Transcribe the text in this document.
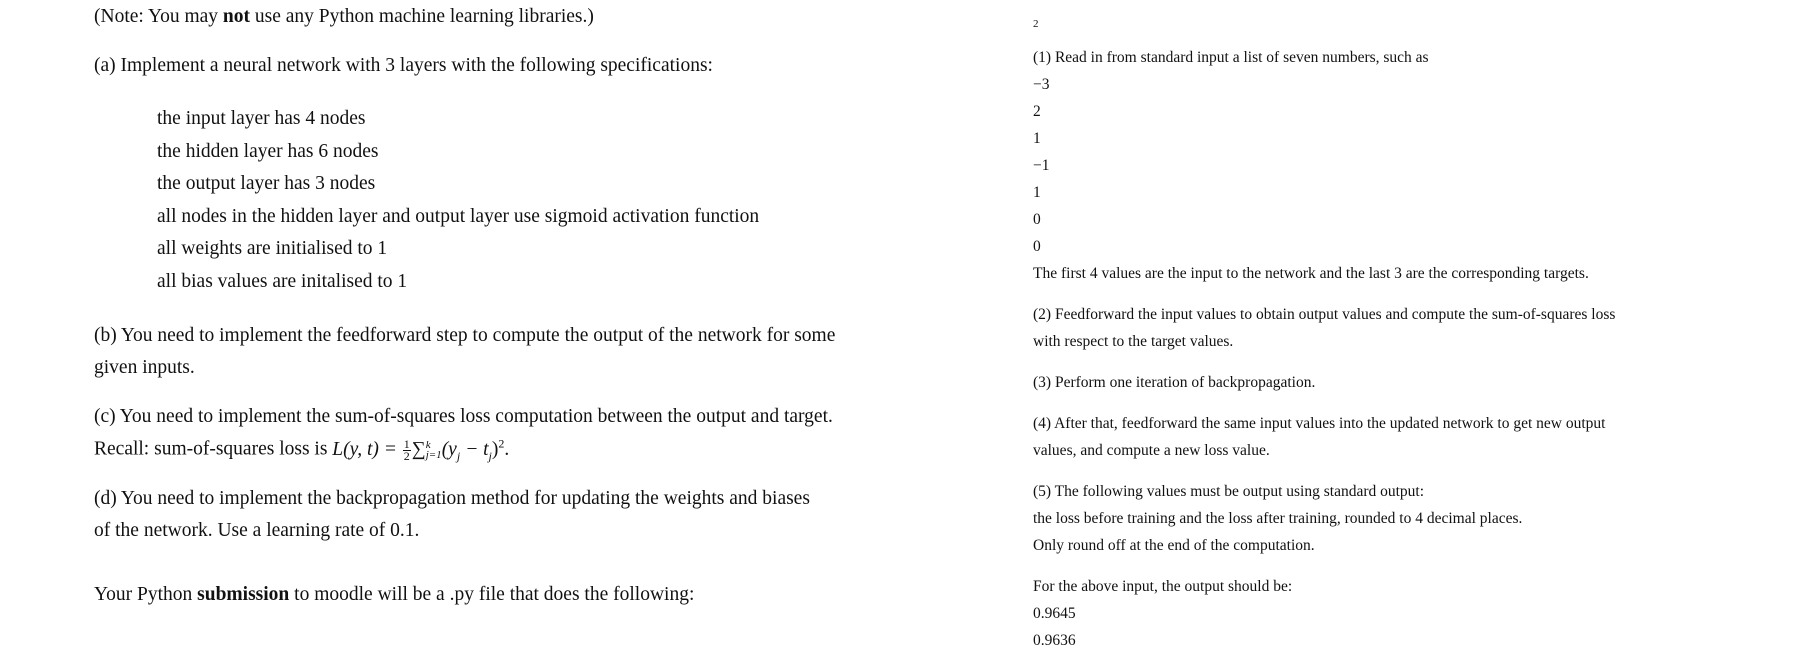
(Note: You may not use any Python machine learning libraries.)

(a) Implement a neural network with 3 layers with the following specifications:

the input layer has 4 nodes

the hidden layer has 6 nodes

the output layer has 3 nodes

all nodes in the hidden layer and output layer use sigmoid activation function

all weights are initialised to 1

all bias values are initalised to 1

(b) You need to implement the feedforward step to compute the output of the network for some

given inputs.

(c) You need to implement the sum-of-squares loss computation between the output and target.

Recall: sum-of-squares loss is L(y, $t) = \frac{1}{2}$ ∑ k
j=1 $(y_j - t_j)^2$.

(d) You need to implement the backpropagation method for updating the weights and biases

of the network. Use a learning rate of 0.1.

Your Python submission to moodle will be a .py file that does the following:

2

(1) Read in from standard input a list of seven numbers, such as

−3

2

1

−1

1

0

0

The first 4 values are the input to the network and the last 3 are the corresponding targets.

(2) Feedforward the input values to obtain output values and compute the sum-of-squares loss

with respect to the target values.

(3) Perform one iteration of backpropagation.

(4) After that, feedforward the same input values into the updated network to get new output

values, and compute a new loss value.

(5) The following values must be output using standard output:

the loss before training and the loss after training, rounded to 4 decimal places.

Only round off at the end of the computation.

For the above input, the output should be:

0.9645

0.9636
